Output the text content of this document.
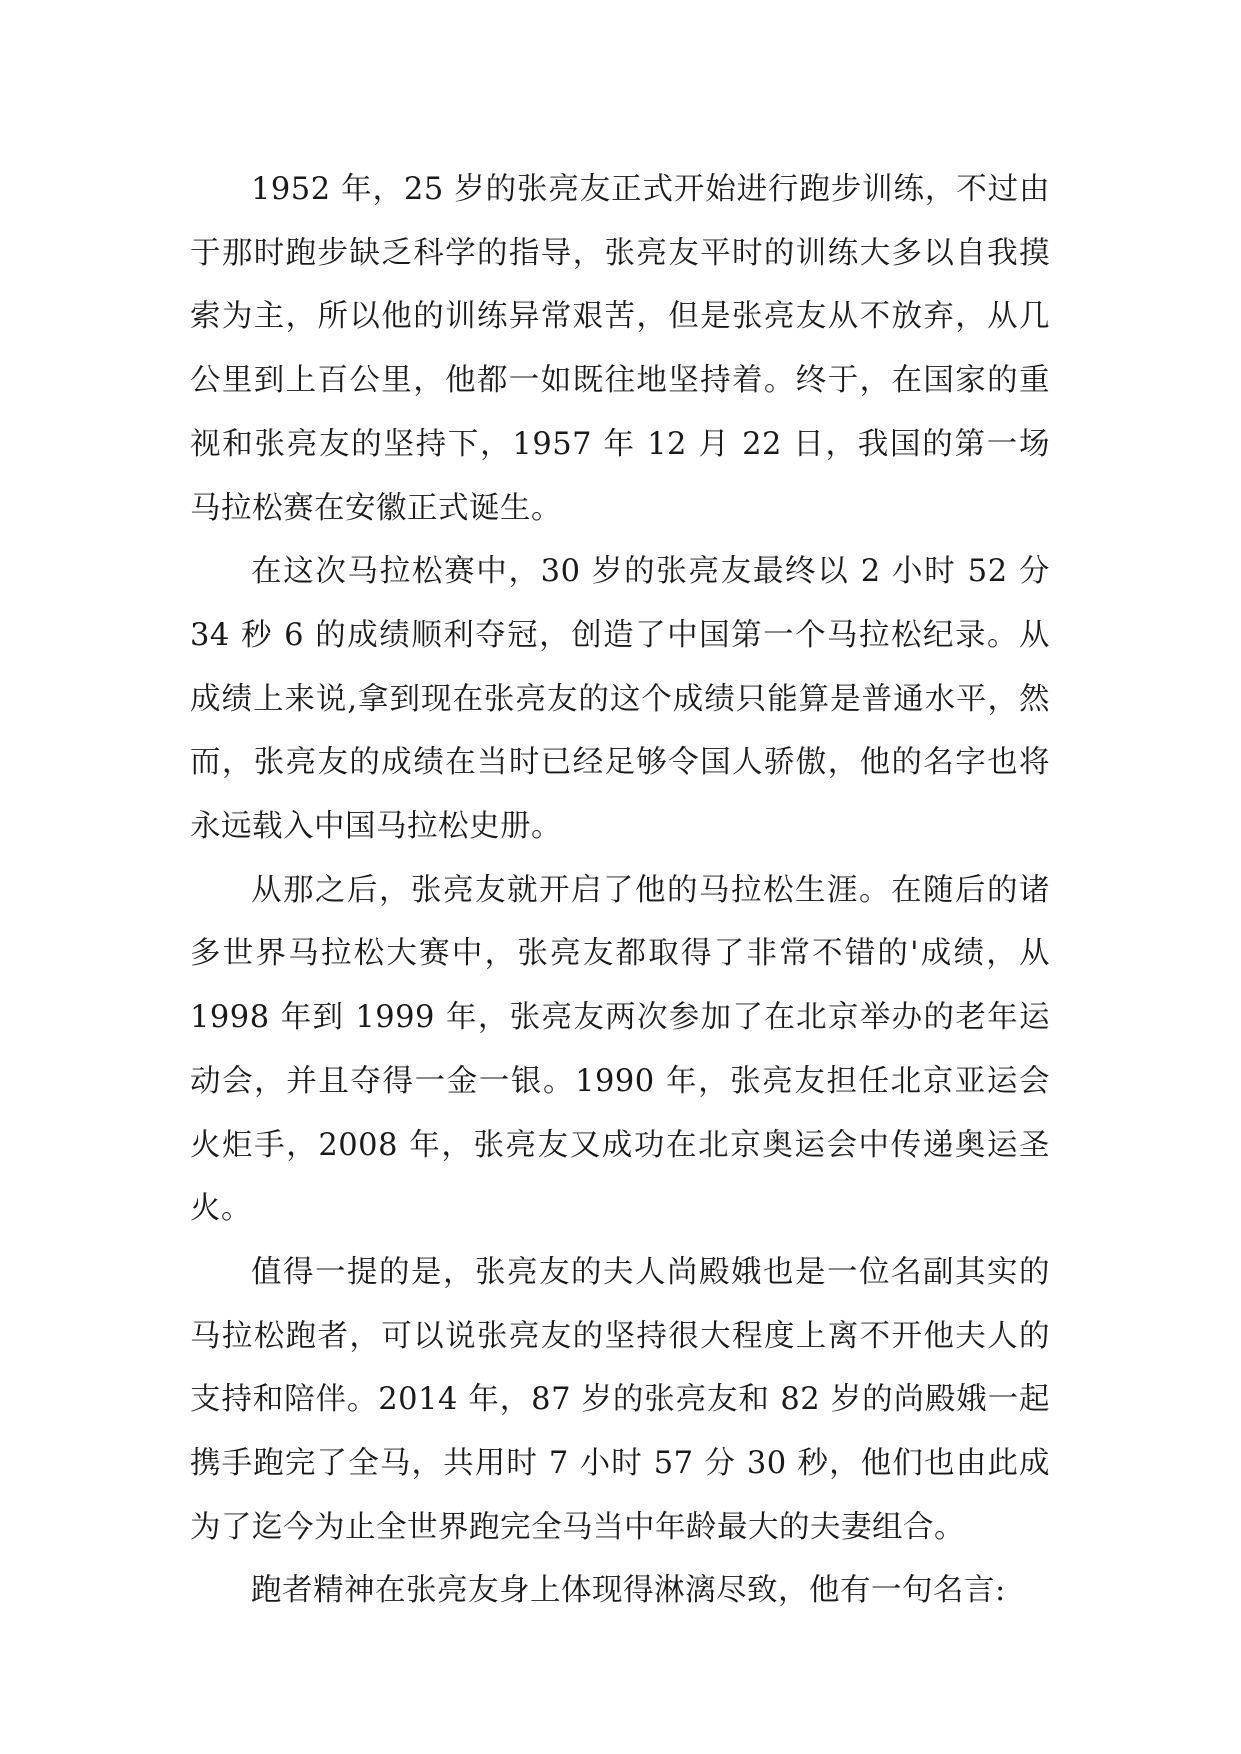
1952 年，25 岁的张亮友正式开始进行跑步训练，不过由于那时跑步缺乏科学的指导，张亮友平时的训练大多以自我摸索为主，所以他的训练异常艰苦，但是张亮友从不放弃，从几公里到上百公里，他都一如既往地坚持着。终于，在国家的重视和张亮友的坚持下，1957 年 12 月 22 日，我国的第一场马拉松赛在安徽正式诞生。

在这次马拉松赛中，30 岁的张亮友最终以 2 小时 52 分 34 秒 6 的成绩顺利夺冠，创造了中国第一个马拉松纪录。从成绩上来说,拿到现在张亮友的这个成绩只能算是普通水平，然而，张亮友的成绩在当时已经足够令国人骄傲，他的名字也将永远载入中国马拉松史册。

从那之后，张亮友就开启了他的马拉松生涯。在随后的诸多世界马拉松大赛中，张亮友都取得了非常不错的'成绩，从 1998 年到 1999 年，张亮友两次参加了在北京举办的老年运动会，并且夺得一金一银。1990 年，张亮友担任北京亚运会火炬手，2008 年，张亮友又成功在北京奥运会中传递奥运圣火。

值得一提的是，张亮友的夫人尚殿娥也是一位名副其实的马拉松跑者，可以说张亮友的坚持很大程度上离不开他夫人的支持和陪伴。2014 年，87 岁的张亮友和 82 岁的尚殿娥一起携手跑完了全马，共用时 7 小时 57 分 30 秒，他们也由此成为了迄今为止全世界跑完全马当中年龄最大的夫妻组合。

跑者精神在张亮友身上体现得淋漓尽致，他有一句名言:
